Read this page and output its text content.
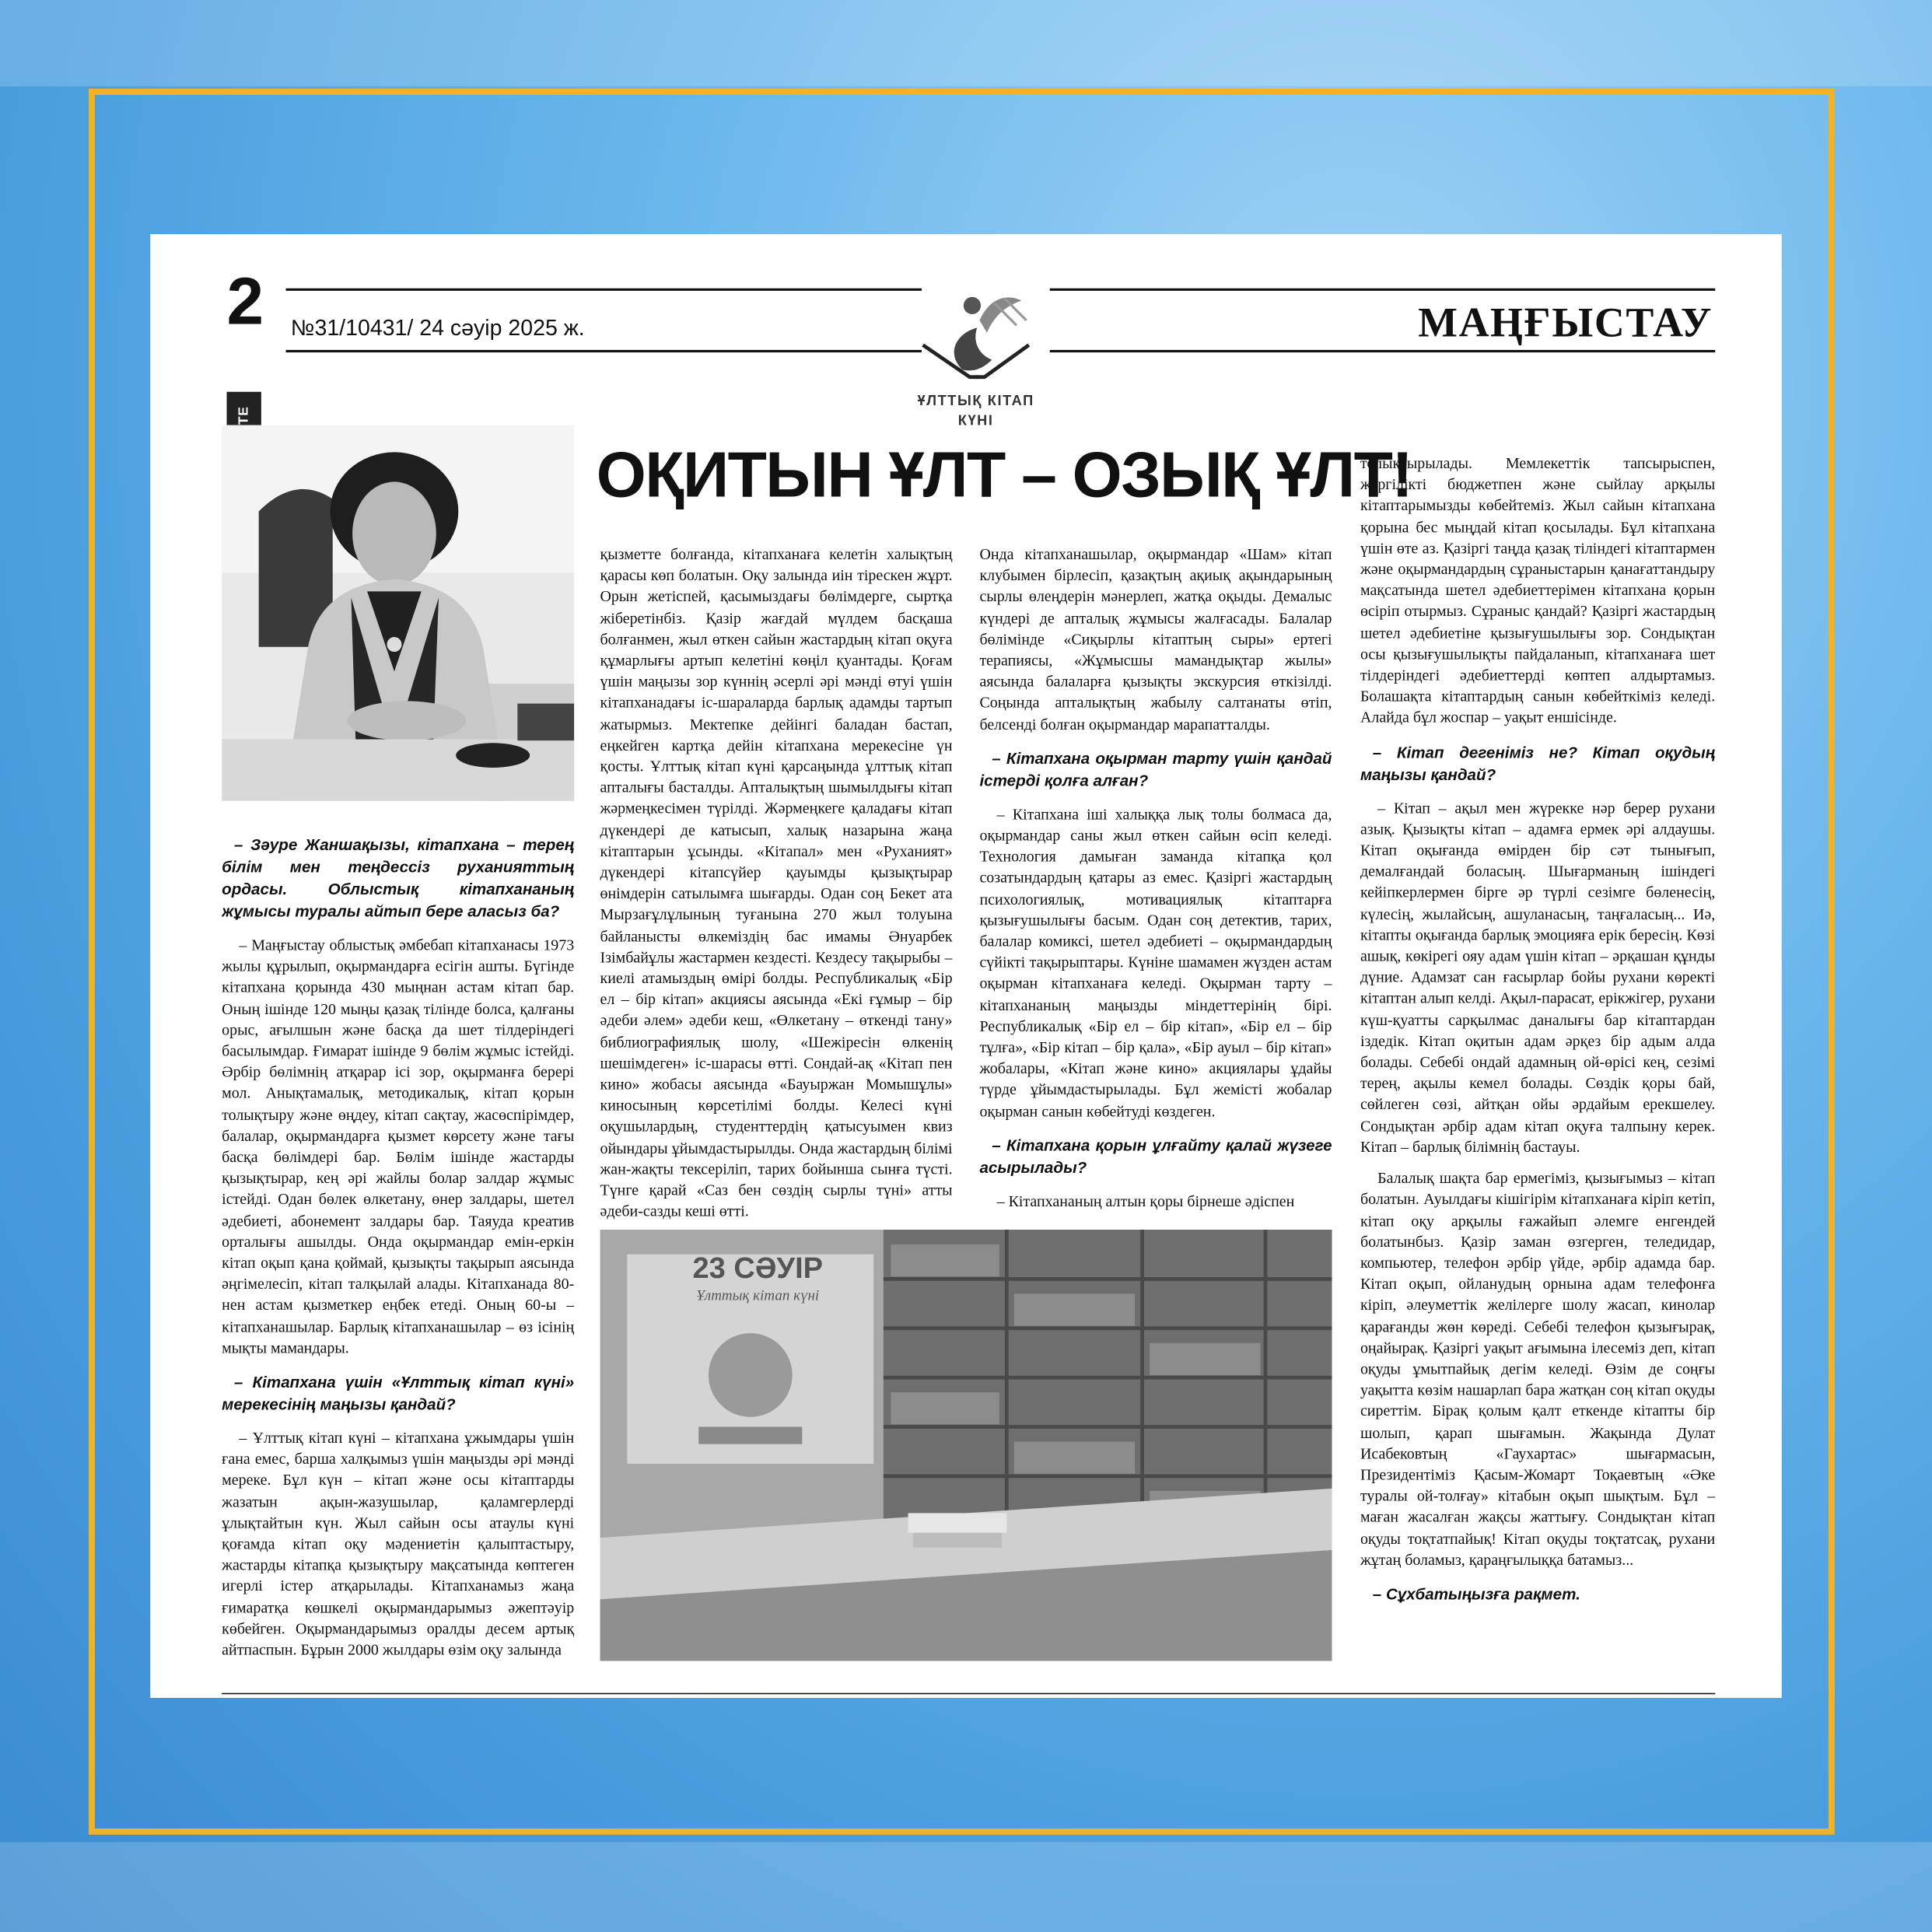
2 №31/10431/ 24 сәуір 2025 ж.	МАҢҒЫСТАУ
ҰЛТТЫҚ КІТАП
КҮНІ
ОҚИТЫН ҰЛТ – ОЗЫҚ ҰЛТ!
23 СӘУІР
Ұлттық кітап күні

– Зәуре Жаншақызы, кітапхана – терең білім мен теңдессіз руханияттың ордасы. Облыстық кітапхананың жұмысы туралы айтып бере аласыз ба?

– Маңғыстау облыстық әмбебап кітапханасы 1973 жылы құрылып, оқырмандарға есігін ашты. Бүгінде кітапхана қорында 430 мыңнан астам кітап бар. Оның ішінде 120 мыңы қазақ тілінде болса, қалғаны орыс, ағылшын және басқа да шет тілдеріндегі басылымдар. Ғимарат ішінде 9 бөлім жұмыс істейді. Әрбір бөлімнің атқарар ісі зор, оқырманға берері мол. Анықтамалық, методикалық, кітап қорын толықтыру және өңдеу, кітап сақтау, жасөспірімдер, балалар, оқырмандарға қызмет көрсету және тағы басқа бөлімдері бар. Бөлім ішінде жастарды қызықтырар, кең әрі жайлы болар залдар жұмыс істейді. Одан бөлек өлкетану, өнер залдары, шетел әдебиеті, абонемент залдары бар. Таяуда креатив орталығы ашылды. Онда оқырмандар емін-еркін кітап оқып қана қоймай, қызықты тақырып аясында әңгімелесіп, кітап талқылай алады. Кітапханада 80-нен астам қызметкер еңбек етеді. Оның 60-ы – кітапханашылар. Барлық кітапханашылар – өз ісінің мықты мамандары.

– Кітапхана үшін «Ұлттық кітап күні» мерекесінің маңызы қандай?

– Ұлттық кітап күні – кітапхана ұжымдары үшін ғана емес, барша халқымыз үшін маңызды әрі мәнді мереке. Бұл күн – кітап және осы кітаптарды жазатын ақын-жазушылар, қаламгерлерді ұлықтайтын күн. Жыл сайын осы атаулы күні қоғамда кітап оқу мәдениетін қалыптастыру, жастарды кітапқа қызықтыру мақсатында көптеген игерлі істер атқарылады. Кітапханамыз жаңа ғимаратқа көшкелі оқырмандарымыз әжептәуір көбейген. Оқырмандарымыз оралды десем артық айтпаспын. Бұрын 2000 жылдары өзім оқу залында

қызметте болғанда, кітапханаға келетін халықтың қарасы көп болатын. Оқу залында иін тірескен жұрт. Орын жетіспей, қасымыздағы бөлімдерге, сыртқа жіберетінбіз. Қазір жағдай мүлдем басқаша болғанмен, жыл өткен сайын жастардың кітап оқуға құмарлығы артып келетіні көңіл қуантады. Қоғам үшін маңызы зор күннің әсерлі әрі мәнді өтуі үшін кітапханадағы іс-шараларда барлық адамды тартып жатырмыз. Мектепке дейінгі баладан бастап, еңкейген картқа дейін кітапхана мерекесіне үн қосты. Ұлттық кітап күні қарсаңында ұлттық кітап апталығы басталды. Апталықтың шымылдығы кітап жәрмеңкесімен түрілді. Жәрмеңкеге қаладағы кітап дүкендері де катысып, халық назарына жаңа кітаптарын ұсынды. «Кітапал» мен «Руханият» дүкендері кітапсүйер қауымды қызықтырар өнімдерін сатылымға шығарды. Одан соң Бекет ата Мырзағұлұлының туғанына 270 жыл толуына байланысты өлкеміздің бас имамы Әнуарбек Ізімбайұлы жастармен кездесті. Кездесу тақырыбы – киелі атамыздың өмірі болды. Республикалық «Бір ел – бір кітап» акциясы аясында «Екі ғұмыр – бір әдеби әлем» әдеби кеш, «Өлкетану – өткенді тану» библиографиялық шолу, «Шежіресін өлкенің шешімдеген» іс-шарасы өтті. Сондай-ақ «Кітап пен кино» жобасы аясында «Бауыржан Момышұлы» киносының көрсетілімі болды. Келесі күні оқушылардың, студенттердің қатысуымен квиз ойындары ұйымдастырылды. Онда жастардың білімі жан-жақты тексеріліп, тарих бойынша сынға түсті. Түнге қарай «Саз бен сөздің сырлы түні» атты әдеби-сазды кеші өтті.

Онда кітапханашылар, оқырмандар «Шам» кітап клубымен бірлесіп, қазақтың ақиық ақындарының сырлы өлеңдерін мәнерлеп, жатқа оқыды. Демалыс күндері де апталық жұмысы жалғасады. Балалар бөлімінде «Сиқырлы кітаптың сыры» ертегі терапиясы, «Жұмысшы мамандықтар жылы» аясында балаларға қызықты экскурсия өткізілді. Соңында апталықтың жабылу салтанаты өтіп, белсенді болған оқырмандар марапатталды.

– Кітапхана оқырман тарту үшін қандай істерді қолға алған?

– Кітапхана іші халыққа лық толы болмаса да, оқырмандар саны жыл өткен сайын өсіп келеді. Технология дамыған заманда кітапқа қол созатындардың қатары аз емес. Қазіргі жастардың психологиялық, мотивациялық кітаптарға қызығушылығы басым. Одан соң детектив, тарих, балалар комиксі, шетел әдебиеті – оқырмандардың сүйікті тақырыптары. Күніне шамамен жүзден астам оқырман кітапханаға келеді. Оқырман тарту – кітапхананың маңызды міндеттерінің бірі. Республикалық «Бір ел – бір кітап», «Бір ел – бір тұлға», «Бір кітап – бір қала», «Бір ауыл – бір кітап» жобалары, «Кітап және кино» акциялары ұдайы түрде ұйымдастырылады. Бұл жемісті жобалар оқырман санын көбейтуді көздеген.

– Кітапхана қорын ұлғайту қалай жүзеге асырылады?

– Кітапхананың алтын қоры бірнеше әдіспен

толықтырылады. Мемлекеттік тапсырыспен, жергілікті бюджетпен және сыйлау арқылы кітаптарымызды көбейтеміз. Жыл сайын кітапхана қорына бес мыңдай кітап қосылады. Бұл кітапхана үшін өте аз. Қазіргі таңда қазақ тіліндегі кітаптармен және оқырмандардың сұраныстарын қанағаттандыру мақсатында шетел әдебиеттерімен кітапхана қорын өсіріп отырмыз. Сұраныс қандай? Қазіргі жастардың шетел әдебиетіне қызығушылығы зор. Сондықтан осы қызығушылықты пайдаланып, кітапханаға шет тілдеріндегі әдебиеттерді көптеп алдыртамыз. Болашақта кітаптардың санын көбейткіміз келеді. Алайда бұл жоспар – уақыт еншісінде.

– Кітап дегеніміз не? Кітап оқудың маңызы қандай?

– Кітап – ақыл мен жүрекке нәр берер рухани азық. Қызықты кітап – адамға ермек әрі алдаушы. Кітап оқығанда өмірден бір сәт тынығып, демалғандай боласың. Шығарманың ішіндегі кейіпкерлермен бірге әр түрлі сезімге бөленесің, күлесің, жылайсың, ашуланасың, таңғаласың... Иә, кітапты оқығанда барлық эмоцияға ерік бересің. Көзі ашық, көкірегі ояу адам үшін кітап – әрқашан құнды дүние. Адамзат сан ғасырлар бойы рухани көректі кітаптан алып келді. Ақыл-парасат, ерікжігер, рухани күш-қуатты сарқылмас даналығы бар кітаптардан іздедік. Кітап оқитын адам әрқез бір адым алда болады. Себебі ондай адамның ой-өрісі кең, сезімі терең, ақылы кемел болады. Сөздік қоры бай, сөйлеген сөзі, айтқан ойы әрдайым ерекшелеу. Сондықтан әрбір адам кітап оқуға талпыну керек. Кітап – барлық білімнің бастауы.

Балалық шақта бар ермегіміз, қызығымыз – кітап болатын. Ауылдағы кішігірім кітапханаға кіріп кетіп, кітап оқу арқылы ғажайып әлемге енгендей болатынбыз. Қазір заман өзгерген, теледидар, компьютер, телефон әрбір үйде, әрбір адамда бар. Кітап оқып, ойланудың орнына адам телефонға кіріп, әлеуметтік желілерге шолу жасап, кинолар қарағанды жөн көреді. Себебі телефон қызығырақ, оңайырақ. Қазіргі уақыт ағымына ілесеміз деп, кітап оқуды ұмытпайық дегім келеді. Өзім де соңғы уақытта көзім нашарлап бара жатқан соң кітап оқуды сиреттім. Бірақ қолым қалт еткенде кітапты бір шолып, қарап шығамын. Жақында Дулат Исабековтың «Гаухартас» шығармасын, Президентіміз Қасым-Жомарт Тоқаевтың «Әке туралы ой-толғау» кітабын оқып шықтым. Бұл – маған жасалған жақсы жаттығу. Сондықтан кітап оқуды тоқтатпайық! Кітап оқуды тоқтатсақ, рухани жұтаң боламыз, қараңғылыққа батамыз...

– Сұхбатыңызға рақмет.
